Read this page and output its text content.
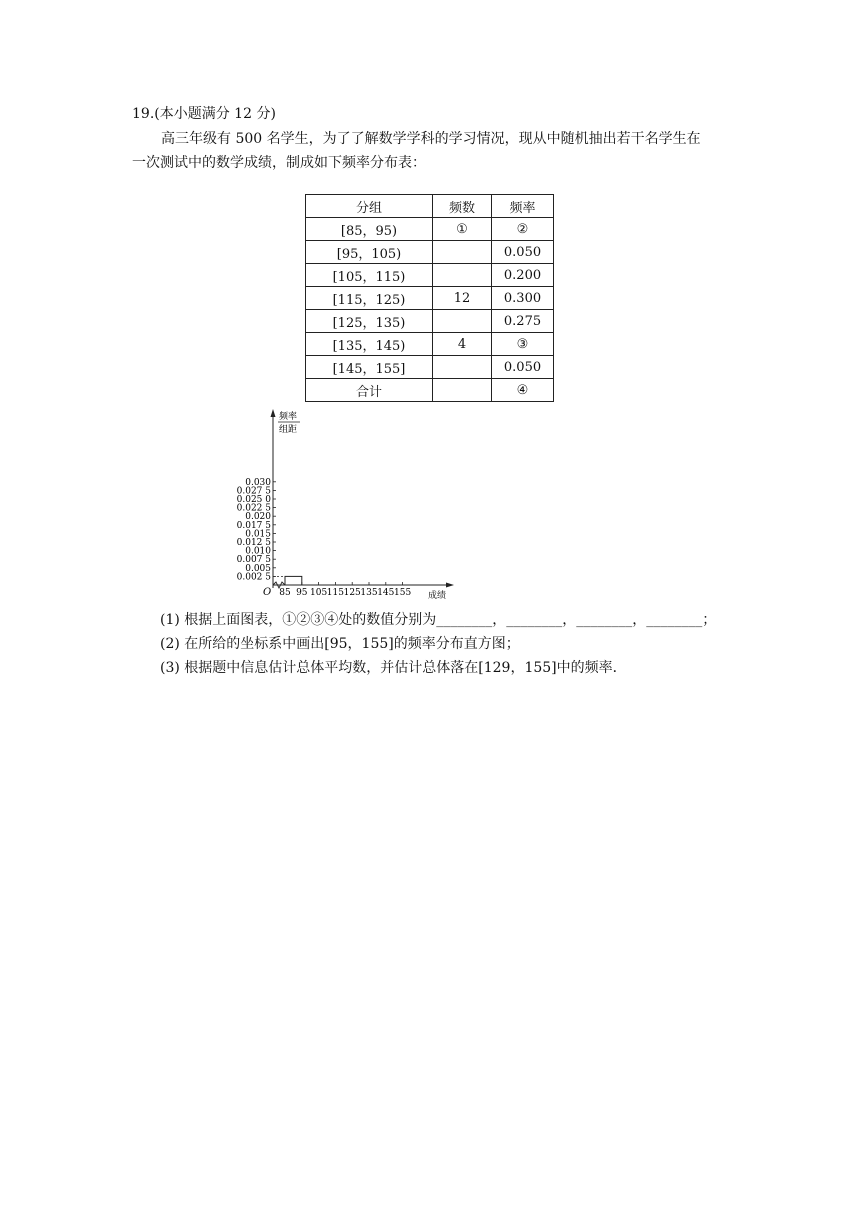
19.(本小题满分 12 分)
高三年级有 500 名学生，为了了解数学学科的学习情况，现从中随机抽出若干名学生在
一次测试中的数学成绩，制成如下频率分布表：
分组	频数	频率
[85，95)	①	②
[95，105)		0.050
[105，115)		0.200
[115，125)	12	0.300
[125，135)		0.275
[135，145)	4	③
[145，155]		0.050
合计		④
频率
组距
O	成绩
0.002 5
0.005
0.007 5
0.010
0.012 5
0.015
0.017 5
0.020
0.022 5
0.025 0
0.027 5
0.030
85 95 105 115 125 135 145 155
(1) 根据上面图表，①②③④处的数值分别为________，________，________，________；
(2) 在所给的坐标系中画出[95，155]的频率分布直方图；
(3) 根据题中信息估计总体平均数，并估计总体落在[129，155]中的频率．
